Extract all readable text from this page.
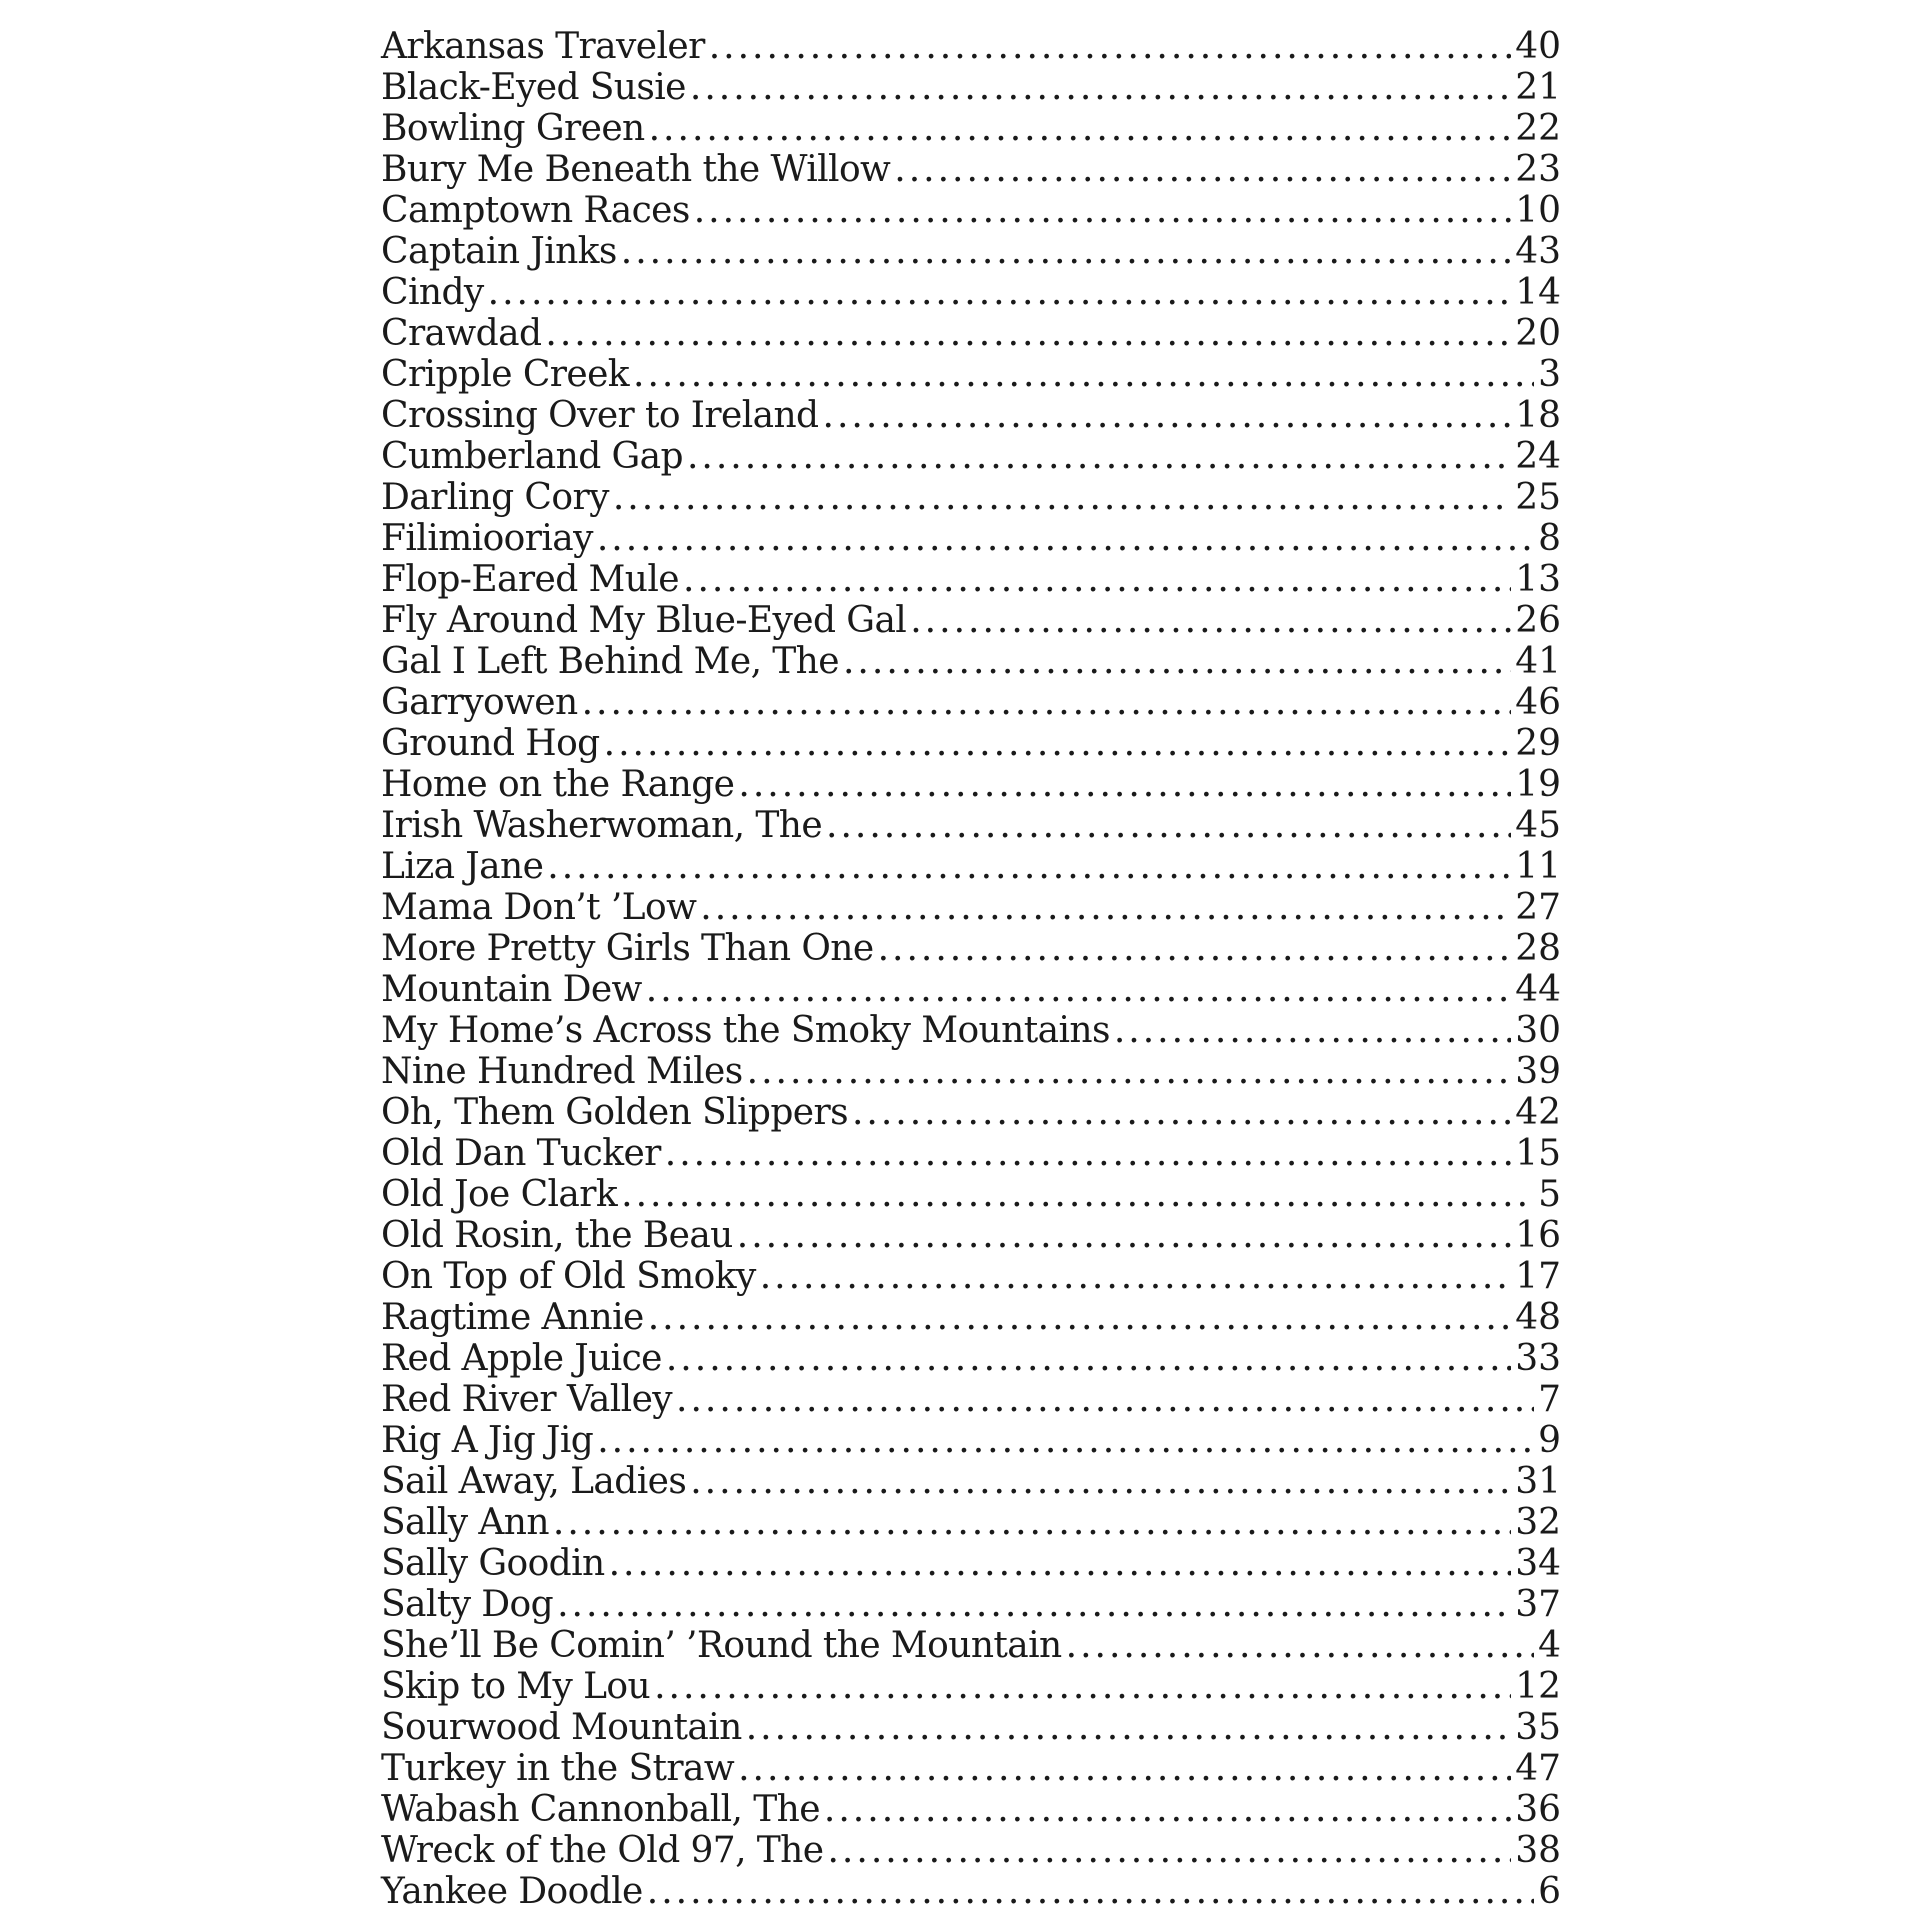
Arkansas Traveler .....	40
Black-Eyed Susie .....	21
Bowling Green .....	22
Bury Me Beneath the Willow .....	23
Camptown Races .....	10
Captain Jinks .....	43
Cindy .....	14
Crawdad .....	20
Cripple Creek .....	3
Crossing Over to Ireland .....	18
Cumberland Gap .....	24
Darling Cory .....	25
Filimiooriay .....	8
Flop-Eared Mule .....	13
Fly Around My Blue-Eyed Gal .....	26
Gal I Left Behind Me, The .....	41
Garryowen .....	46
Ground Hog .....	29
Home on the Range .....	19
Irish Washerwoman, The .....	45
Liza Jane .....	11
Mama Don’t ’Low .....	27
More Pretty Girls Than One .....	28
Mountain Dew .....	44
My Home’s Across the Smoky Mountains .....	30
Nine Hundred Miles .....	39
Oh, Them Golden Slippers .....	42
Old Dan Tucker .....	15
Old Joe Clark .....	5
Old Rosin, the Beau .....	16
On Top of Old Smoky .....	17
Ragtime Annie .....	48
Red Apple Juice .....	33
Red River Valley .....	7
Rig A Jig Jig .....	9
Sail Away, Ladies .....	31
Sally Ann .....	32
Sally Goodin .....	34
Salty Dog .....	37
She’ll Be Comin’ ’Round the Mountain .....	4
Skip to My Lou .....	12
Sourwood Mountain .....	35
Turkey in the Straw .....	47
Wabash Cannonball, The .....	36
Wreck of the Old 97, The .....	38
Yankee Doodle .....	6
